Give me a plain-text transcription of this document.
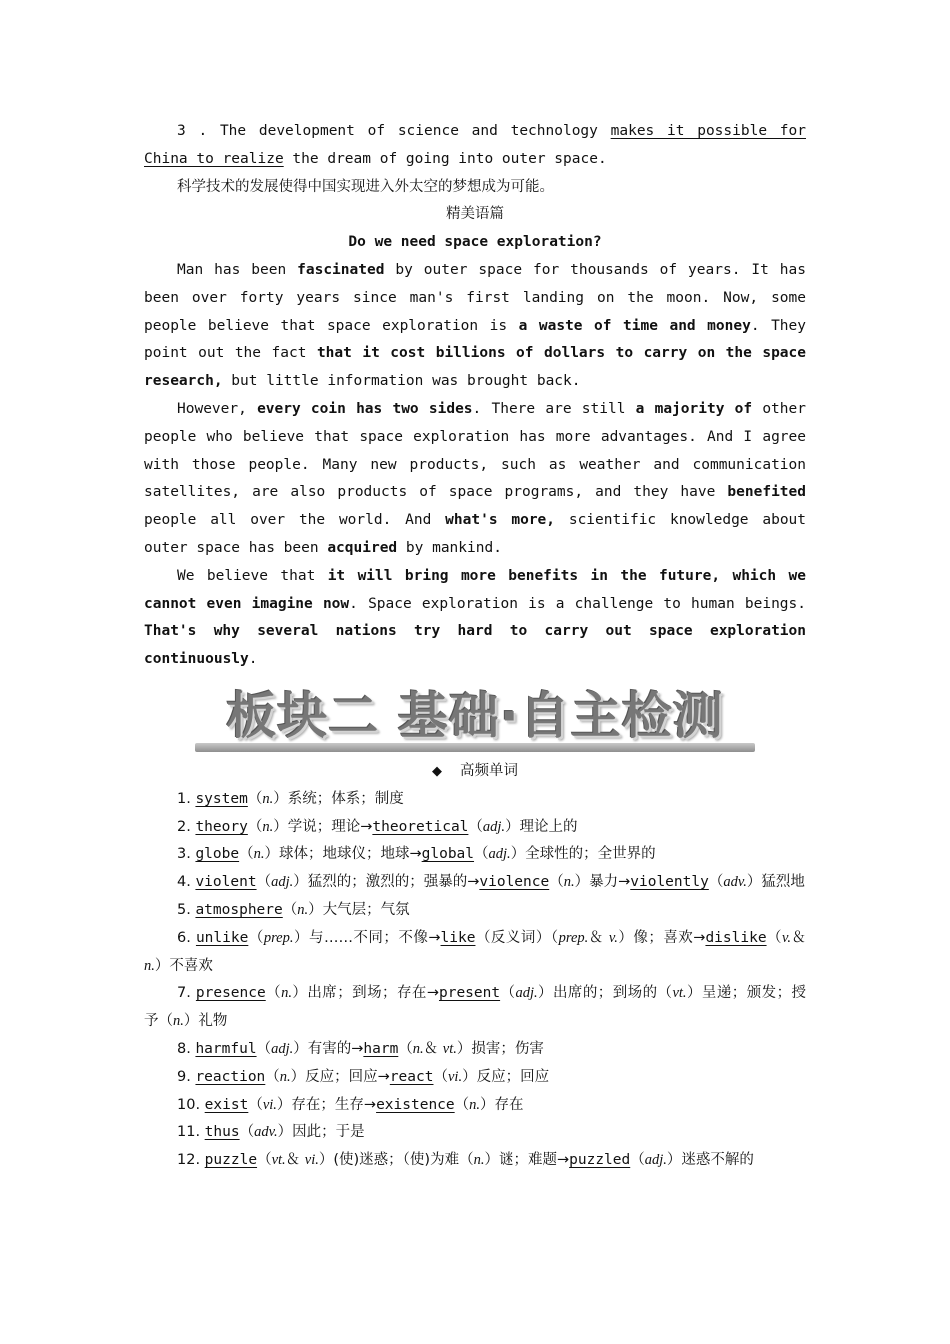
3 . The development of science and technology makes it possible for China to realize the dream of going into outer space.

科学技术的发展使得中国实现进入外太空的梦想成为可能。

精美语篇

Do we need space exploration?

Man has been fascinated by outer space for thousands of years. It has been over forty years since man's first landing on the moon. Now, some people believe that space exploration is a waste of time and money. They point out the fact that it cost billions of dollars to carry on the space research, but little information was brought back.

However, every coin has two sides. There are still a majority of other people who believe that space exploration has more advantages. And I agree with those people. Many new products, such as weather and communication satellites, are also products of space programs, and they have benefited people all over the world. And what's more, scientific knowledge about outer space has been acquired by mankind.

We believe that it will bring more benefits in the future, which we cannot even imagine now. Space exploration is a challenge to human beings. That's why several nations try hard to carry out space exploration continuously.

板块二 基础·自主检测

◆ 高频单词

1. system（n.）系统；体系；制度

2. theory（n.）学说；理论→theoretical（adj.）理论上的

3. globe（n.）球体；地球仪；地球→global（adj.）全球性的；全世界的

4. violent（adj.）猛烈的；激烈的；强暴的→violence（n.）暴力→violently（adv.）猛烈地

5. atmosphere（n.）大气层；气氛

6. unlike（prep.）与……不同；不像→like（反义词）（prep.＆ v.）像；喜欢→dislike（v.＆ n.）不喜欢

7. presence（n.）出席；到场；存在→present（adj.）出席的；到场的（vt.）呈递；颁发；授予（n.）礼物

8. harmful（adj.）有害的→harm（n.＆ vt.）损害；伤害

9. reaction（n.）反应；回应→react（vi.）反应；回应

10. exist（vi.）存在；生存→existence（n.）存在

11. thus（adv.）因此；于是

12. puzzle（vt.＆ vi.）(使)迷惑；（使)为难（n.）谜；难题→puzzled（adj.）迷惑不解的
